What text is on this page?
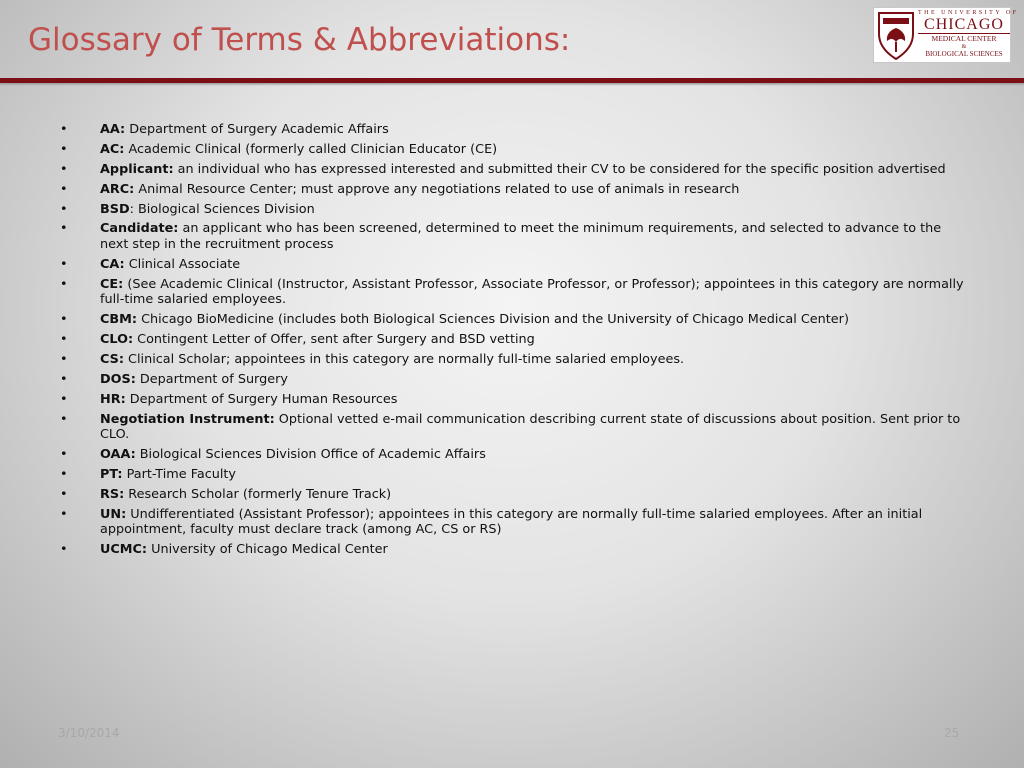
Glossary of Terms & Abbreviations:
THE UNIVERSITY OF
CHICAGO
MEDICAL CENTER
&
BIOLOGICAL SCIENCES
•	AA: Department of Surgery Academic Affairs
•	AC: Academic Clinical (formerly called Clinician Educator (CE)
•	Applicant: an individual who has expressed interested and submitted their CV to be considered for the specific position advertised
•	ARC: Animal Resource Center; must approve any negotiations related to use of animals in research
•	BSD: Biological Sciences Division
•	Candidate: an applicant who has been screened, determined to meet the minimum requirements, and selected to advance to the next step in the recruitment process
•	CA: Clinical Associate
•	CE: (See Academic Clinical (Instructor, Assistant Professor, Associate Professor, or Professor); appointees in this category are normally full-time salaried employees.
•	CBM: Chicago BioMedicine (includes both Biological Sciences Division and the University of Chicago Medical Center)
•	CLO: Contingent Letter of Offer, sent after Surgery and BSD vetting
•	CS: Clinical Scholar; appointees in this category are normally full-time salaried employees.
•	DOS: Department of Surgery
•	HR: Department of Surgery Human Resources
•	Negotiation Instrument: Optional vetted e-mail communication describing current state of discussions about position. Sent prior to CLO.
•	OAA: Biological Sciences Division Office of Academic Affairs
•	PT: Part-Time Faculty
•	RS: Research Scholar (formerly Tenure Track)
•	UN: Undifferentiated (Assistant Professor); appointees in this category are normally full-time salaried employees. After an initial appointment, faculty must declare track (among AC, CS or RS)
•	UCMC: University of Chicago Medical Center
3/10/2014	25
